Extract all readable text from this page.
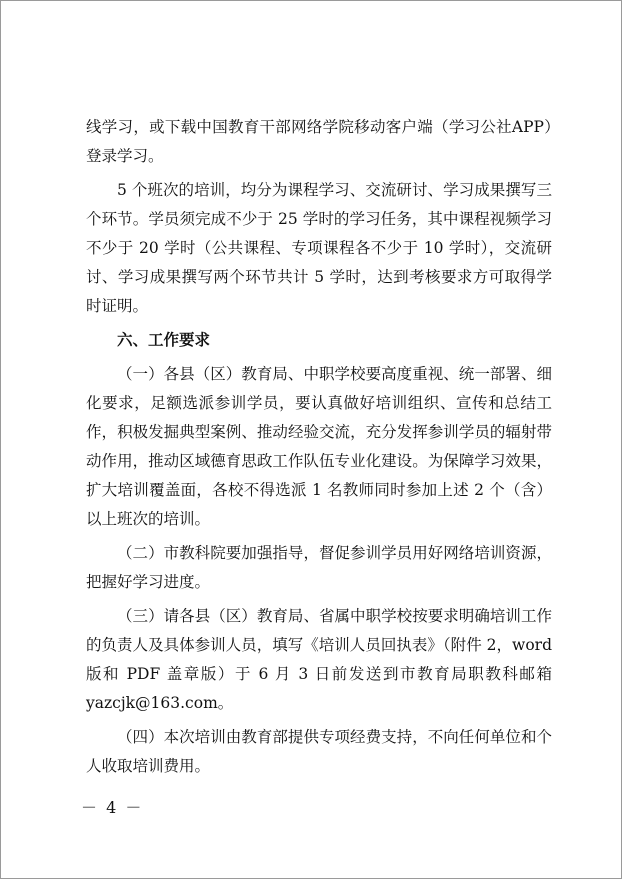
线学习，或下载中国教育干部网络学院移动客户端（学习公社APP）登录学习。

5 个班次的培训，均分为课程学习、交流研讨、学习成果撰写三个环节。学员须完成不少于 25 学时的学习任务，其中课程视频学习不少于 20 学时（公共课程、专项课程各不少于 10 学时），交流研讨、学习成果撰写两个环节共计 5 学时，达到考核要求方可取得学时证明。

六、工作要求

（一）各县（区）教育局、中职学校要高度重视、统一部署、细化要求，足额选派参训学员，要认真做好培训组织、宣传和总结工作，积极发掘典型案例、推动经验交流，充分发挥参训学员的辐射带动作用，推动区域德育思政工作队伍专业化建设。为保障学习效果，扩大培训覆盖面，各校不得选派 1 名教师同时参加上述 2 个（含）以上班次的培训。

（二）市教科院要加强指导，督促参训学员用好网络培训资源，把握好学习进度。

（三）请各县（区）教育局、省属中职学校按要求明确培训工作的负责人及具体参训人员，填写《培训人员回执表》（附件 2，word 版和 PDF 盖章版）于 6 月 3 日前发送到市教育局职教科邮箱 yazcjk@163.com。

（四）本次培训由教育部提供专项经费支持，不向任何单位和个人收取培训费用。

－ 4 －
